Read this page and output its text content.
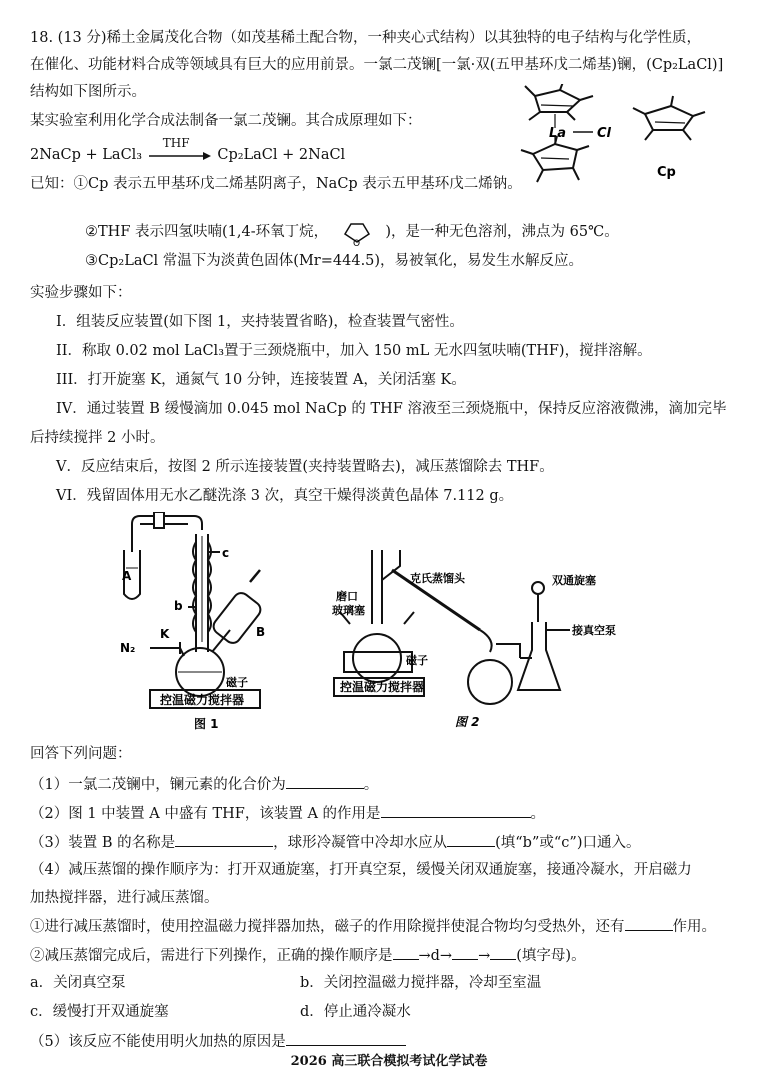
18. (13 分)稀土金属茂化合物（如茂基稀土配合物，一种夹心式结构）以其独特的电子结构与化学性质，
在催化、功能材料合成等领域具有巨大的应用前景。一氯二茂镧[一氯·双(五甲基环戊二烯基)镧，(Cp₂LaCl)]
结构如下图所示。
La Cl
Cp
某实验室利用化学合成法制备一氯二茂镧。其合成原理如下：
2NaCp + LaCl₃
THF
Cp₂LaCl + 2NaCl
已知：①Cp 表示五甲基环戊二烯基阴离子，NaCp 表示五甲基环戊二烯钠。
②THF 表示四氢呋喃(1,4-环氧丁烷，
O
)，是一种无色溶剂，沸点为 65℃。
③Cp₂LaCl 常温下为淡黄色固体(Mr=444.5)，易被氧化，易发生水解反应。
实验步骤如下：
I．组装反应装置(如下图 1，夹持装置省略)，检查装置气密性。
II．称取 0.02 mol LaCl₃置于三颈烧瓶中，加入 150 mL 无水四氢呋喃(THF)，搅拌溶解。
III．打开旋塞 K，通氮气 10 分钟，连接装置 A，关闭活塞 K。
IV．通过装置 B 缓慢滴加 0.045 mol NaCp 的 THF 溶液至三颈烧瓶中，保持反应溶液微沸，滴加完毕
后持续搅拌 2 小时。
V．反应结束后，按图 2 所示连接装置(夹持装置略去)，减压蒸馏除去 THF。
VI．残留固体用无水乙醚洗涤 3 次，真空干燥得淡黄色晶体 7.112 g。
A
B
b
c
K
N₂
磁子
控温磁力搅拌器
图 1
克氏蒸馏头
磨口
玻璃塞
磁子
双通旋塞
接真空泵
控温磁力搅拌器
图 2
回答下列问题：
（1）一氯二茂镧中，镧元素的化合价为	。
（2）图 1 中装置 A 中盛有 THF，该装置 A 的作用是	。
（3）装置 B 的名称是	，球形冷凝管中冷却水应从	(填“b”或“c”)口通入。
（4）减压蒸馏的操作顺序为：打开双通旋塞，打开真空泵，缓慢关闭双通旋塞，接通冷凝水，开启磁力
加热搅拌器，进行减压蒸馏。
①进行减压蒸馏时，使用控温磁力搅拌器加热，磁子的作用除搅拌使混合物均匀受热外，还有	作用。
②减压蒸馏完成后，需进行下列操作，正确的操作顺序是 →d→ → (填字母)。
a．关闭真空泵	b．关闭控温磁力搅拌器，冷却至室温
c．缓慢打开双通旋塞	d．停止通冷凝水
（5）该反应不能使用明火加热的原因是
2026 高三联合模拟考试化学试卷
